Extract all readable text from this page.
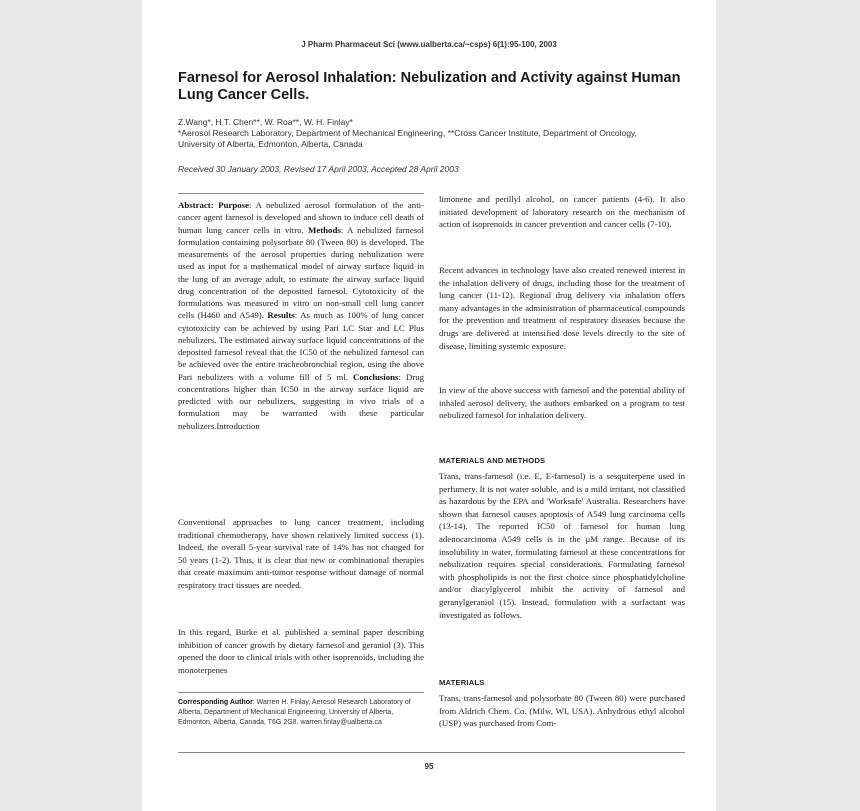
J Pharm Pharmaceut Sci (www.ualberta.ca/~csps) 6(1):95-100, 2003
Farnesol for Aerosol Inhalation: Nebulization and Activity against Human Lung Cancer Cells.
Z.Wang*, H.T. Chen**, W. Roa**, W. H. Finlay*
*Aerosol Research Laboratory, Department of Mechanical Engineering, **Cross Cancer Institute, Department of Oncology, University of Alberta, Edmonton, Alberta, Canada
Received 30 January 2003, Revised 17 April 2003, Accepted 28 April 2003
Abstract: Purpose: A nebulized aerosol formulation of the anti-cancer agent farnesol is developed and shown to induce cell death of human lung cancer cells in vitro. Methods: A nebulized farnesol formulation containing polysorbate 80 (Tween 80) is developed. The measurements of the aerosol properties during nebulization were used as input for a mathematical model of airway surface liquid in the lung of an average adult, to estimate the airway surface liquid drug concentration of the deposited farnesol. Cytotoxicity of the formulations was measured in vitro on non-small cell lung cancer cells (H460 and A549). Results: As much as 100% of lung cancer cytotoxicity can be achieved by using Pari LC Star and LC Plus nebulizers. The estimated airway surface liquid concentrations of the deposited farnesol reveal that the IC50 of the nebulized farnesol can be achieved over the entire tracheobronchial region, using the above Pari nebulizers with a volume fill of 5 ml. Conclusions: Drug concentrations higher than IC50 in the airway surface liquid are predicted with our nebulizers, suggesting in vivo trials of a formulation may be warranted with these particular nebulizers.Introduction

Conventional approaches to lung cancer treatment, including traditional chemotherapy, have shown relatively limited success (1). Indeed, the overall 5-year survival rate of 14% has not changed for 50 years (1-2). Thus, it is clear that new or combinational therapies that create maximum anti-tumor response without damage of normal respiratory tract tissues are needed.

In this regard, Burke et al. published a seminal paper describing inhibition of cancer growth by dietary farnesol and geraniol (3). This opened the door to clinical trials with other isoprenoids, including the monoterpenes

Corresponding Author: Warren H. Finlay, Aerosol Research Laboratory of Alberta, Department of Mechanical Engineering, University of Alberta, Edmonton, Alberta, Canada, T6G 2G8. warren.finlay@ualberta.ca

limonene and perillyl alcohol, on cancer patients (4-6). It also initiated development of laboratory research on the mechanism of action of isoprenoids in cancer prevention and cancer cells (7-10).

Recent advances in technology have also created renewed interest in the inhalation delivery of drugs, including those for the treatment of lung cancer (11-12). Regional drug delivery via inhalation offers many advantages in the administration of pharmaceutical compounds for the prevention and treatment of respiratory diseases because the drugs are delivered at intensified dose levels directly to the site of disease, limiting systemic exposure.

In view of the above success with farnesol and the potential ability of inhaled aerosol delivery, the authors embarked on a program to test nebulized farnesol for inhalation delivery.

MATERIALS AND METHODS

Trans, trans-farnesol (i.e. E, E-farnesol) is a sesquiterpene used in perfumery. It is not water soluble, and is a mild irritant, not classified as hazardous by the EPA and 'Worksafe' Australia. Researchers have shown that farnesol causes apoptosis of A549 lung carcinoma cells (13-14). The reported IC50 of farnesol for human lung adenocarcinoma A549 cells is in the μM range. Because of its insolubility in water, formulating farnesol at these concentrations for nebulization requires special considerations. Formulating farnesol with phospholipids is not the first choice since phosphatidylcholine and/or diacylglycerol inhibit the activity of farnesol and geranylgeraniol (15). Instead, formulation with a surfactant was investigated as follows.

MATERIALS

Trans, trans-farnesol and polysorbate 80 (Tween 80) were purchased from Aldrich Chem. Co. (Milw, WI, USA). Anhydrous ethyl alcohol (USP) was purchased from Com-

95
